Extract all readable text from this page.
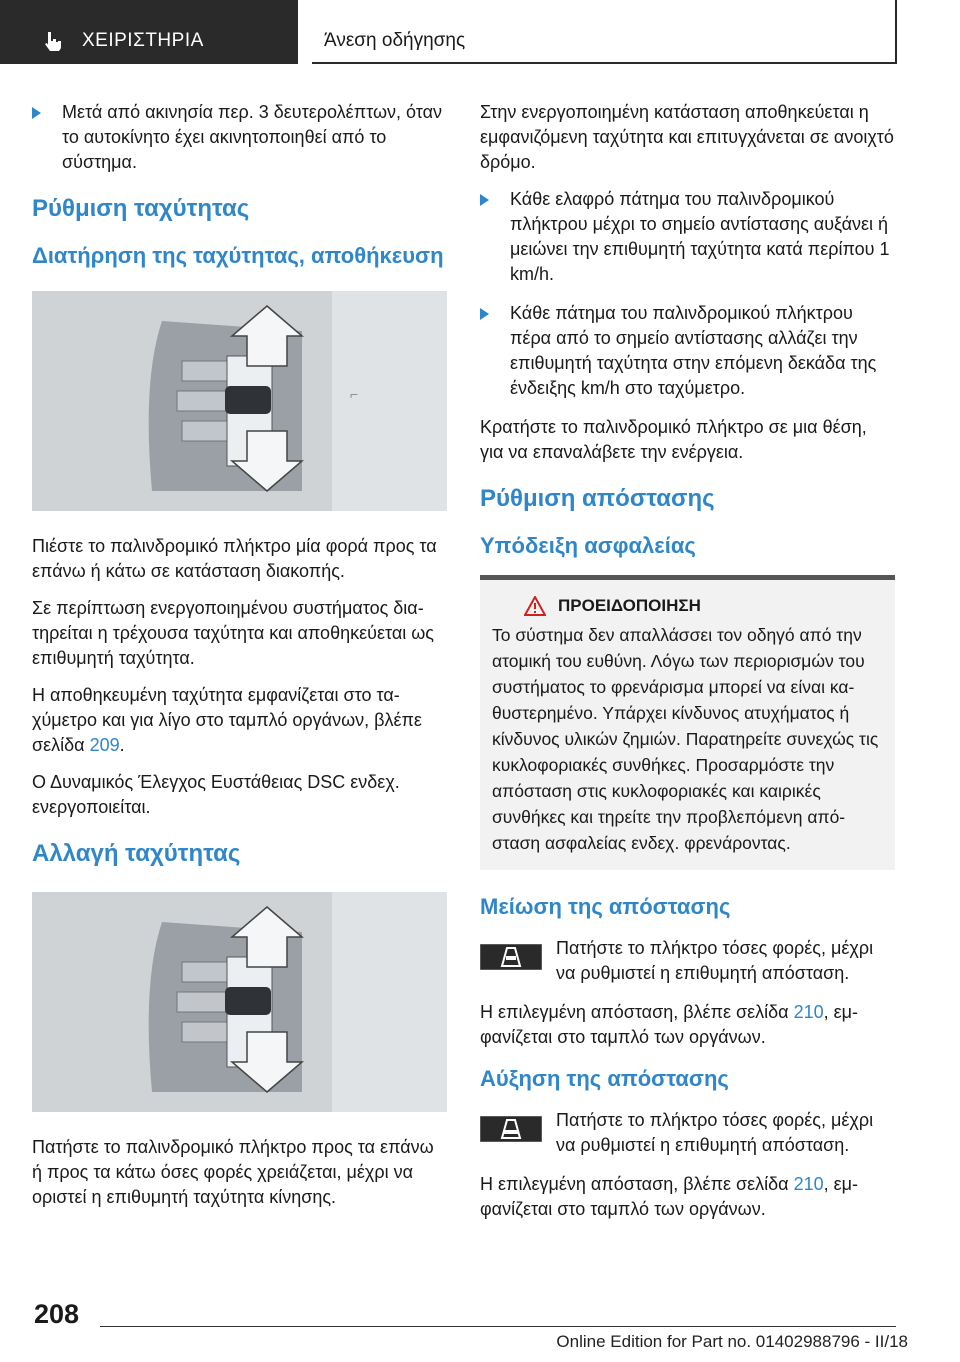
ΧΕΙΡΙΣΤΗΡΙΑ	Άνεση οδήγησης
Μετά από ακινησία περ. 3 δευτερολέπτων, όταν το αυτοκίνητο έχει ακινητοποιηθεί από το σύστημα.
Ρύθμιση ταχύτητας
Διατήρηση της ταχύτητας, αποθήκευση
⌐

Πιέστε το παλινδρομικό πλήκτρο μία φορά προς τα επάνω ή κάτω σε κατάσταση διακοπής.

Σε περίπτωση ενεργοποιημένου συστήματος δια-τηρείται η τρέχουσα ταχύτητα και αποθηκεύεται ως επιθυμητή ταχύτητα.

Η αποθηκευμένη ταχύτητα εμφανίζεται στο τα-χύμετρο και για λίγο στο ταμπλό οργάνων, βλέπε σελίδα 209.

Ο Δυναμικός Έλεγχος Ευστάθειας DSC ενδεχ. ενεργοποιείται.

Αλλαγή ταχύτητας

Πατήστε το παλινδρομικό πλήκτρο προς τα επάνω ή προς τα κάτω όσες φορές χρειάζεται, μέχρι να οριστεί η επιθυμητή ταχύτητα κίνησης.

Στην ενεργοποιημένη κατάσταση αποθηκεύεται η εμφανιζόμενη ταχύτητα και επιτυγχάνεται σε ανοιχτό δρόμο.

Κάθε ελαφρό πάτημα του παλινδρομικού πλήκτρου μέχρι το σημείο αντίστασης αυξάνει ή μειώνει την επιθυμητή ταχύτητα κατά περίπου 1 km/h.
Κάθε πάτημα του παλινδρομικού πλήκτρου πέρα από το σημείο αντίστασης αλλάζει την επιθυμητή ταχύτητα στην επόμενη δεκάδα της ένδειξης km/h στο ταχύμετρο.

Κρατήστε το παλινδρομικό πλήκτρο σε μια θέση, για να επαναλάβετε την ενέργεια.

Ρύθμιση απόστασης
Υπόδειξη ασφαλείας
ΠΡΟΕΙΔΟΠΟΙΗΣΗ

Το σύστημα δεν απαλλάσσει τον οδηγό από την ατομική του ευθύνη. Λόγω των περιορισμών του συστήματος το φρενάρισμα μπορεί να είναι κα-θυστερημένο. Υπάρχει κίνδυνος ατυχήματος ή κίνδυνος υλικών ζημιών. Παρατηρείτε συνεχώς τις κυκλοφοριακές συνθήκες. Προσαρμόστε την απόσταση στις κυκλοφοριακές και καιρικές συνθήκες και τηρείτε την προβλεπόμενη από-σταση ασφαλείας ενδεχ. φρενάροντας.

Μείωση της απόστασης

Πατήστε το πλήκτρο τόσες φορές, μέχρι να ρυθμιστεί η επιθυμητή απόσταση.

Η επιλεγμένη απόσταση, βλέπε σελίδα 210, εμ-φανίζεται στο ταμπλό των οργάνων.

Αύξηση της απόστασης

Πατήστε το πλήκτρο τόσες φορές, μέχρι να ρυθμιστεί η επιθυμητή απόσταση.

Η επιλεγμένη απόσταση, βλέπε σελίδα 210, εμ-φανίζεται στο ταμπλό των οργάνων.

208
Online Edition for Part no. 01402988796 - II/18
